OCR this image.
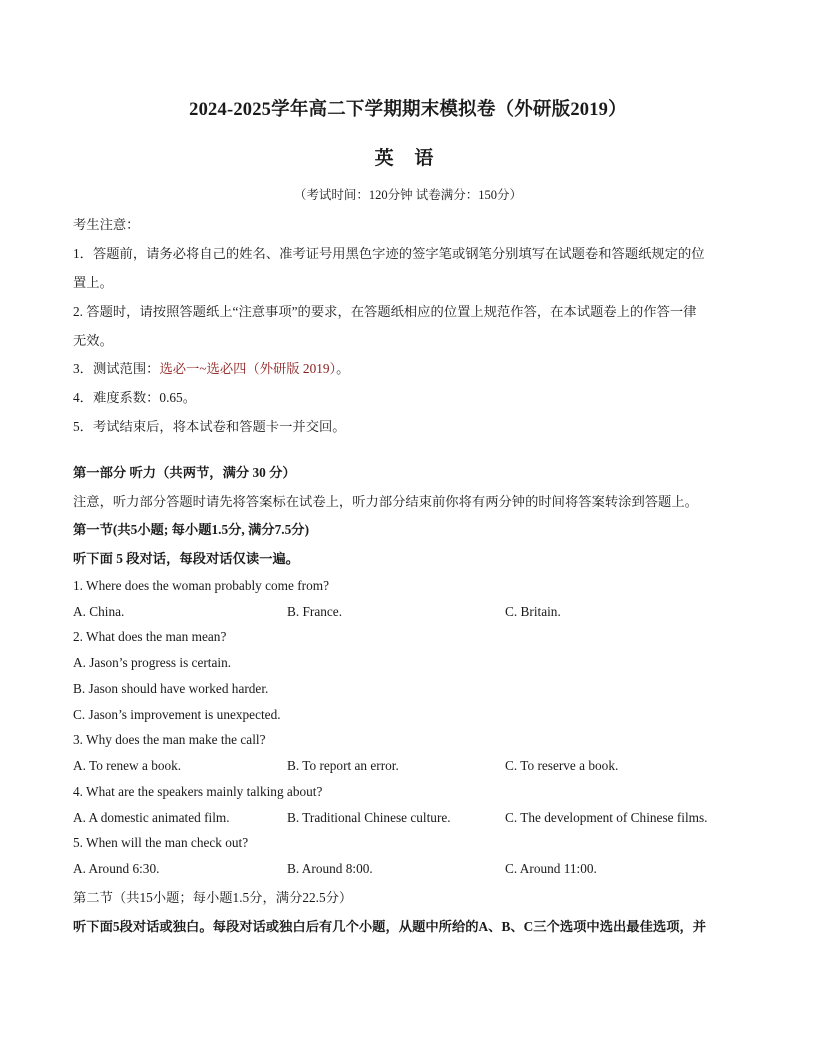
2024-2025学年高二下学期期末模拟卷（外研版2019）
英 语
（考试时间：120分钟 试卷满分：150分）
考生注意：
1．答题前，请务必将自己的姓名、准考证号用黑色字迹的签字笔或钢笔分别填写在试题卷和答题纸规定的位
置上。
2. 答题时，请按照答题纸上“注意事项”的要求，在答题纸相应的位置上规范作答，在本试题卷上的作答一律
无效。
3．测试范围：选必一~选必四（外研版 2019）。
4．难度系数：0.65。
5．考试结束后，将本试卷和答题卡一并交回。
第一部分 听力（共两节，满分 30 分）
注意，听力部分答题时请先将答案标在试卷上，听力部分结束前你将有两分钟的时间将答案转涂到答题上。
第一节(共5小题; 每小题1.5分, 满分7.5分)
听下面 5 段对话，每段对话仅读一遍。
1. Where does the woman probably come from?
A. China.	B. France.	C. Britain.
2. What does the man mean?
A. Jason’s progress is certain.
B. Jason should have worked harder.
C. Jason’s improvement is unexpected.
3. Why does the man make the call?
A. To renew a book.	B. To report an error.	C. To reserve a book.
4. What are the speakers mainly talking about?
A. A domestic animated film.	B. Traditional Chinese culture.	C. The development of Chinese films.
5. When will the man check out?
A. Around 6:30.	B. Around 8:00.	C. Around 11:00.
第二节（共15小题；每小题1.5分，满分22.5分）
听下面5段对话或独白。每段对话或独白后有几个小题，从题中所给的A、B、C三个选项中选出最佳选项，并
